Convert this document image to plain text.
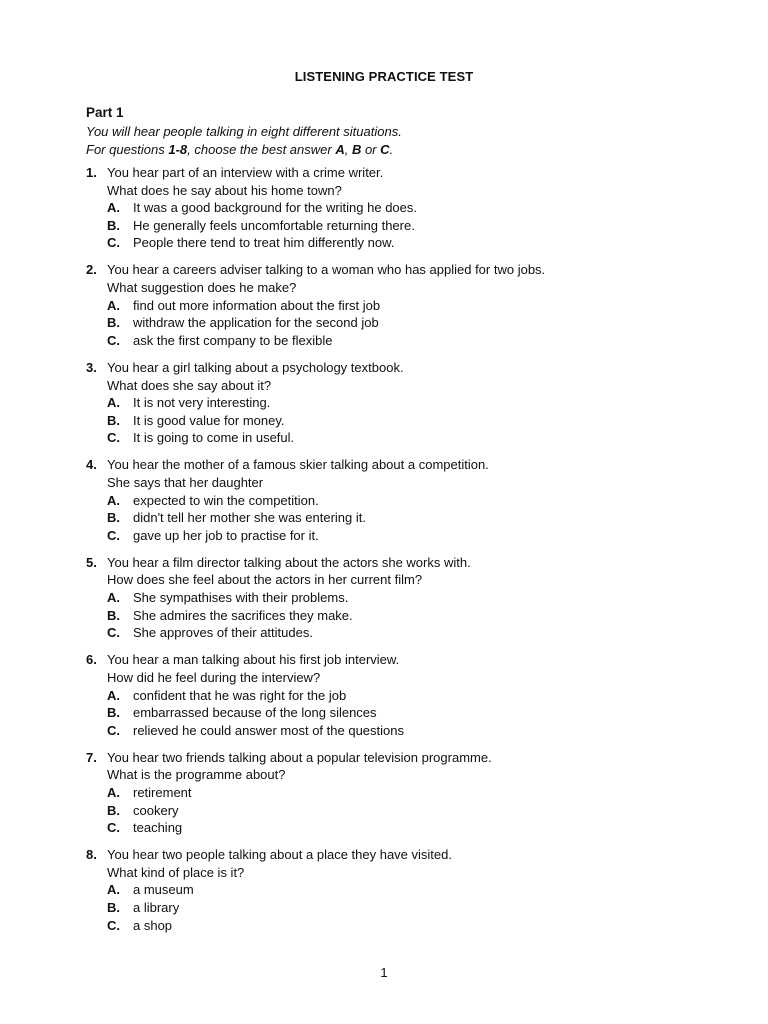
LISTENING PRACTICE TEST
Part 1
You will hear people talking in eight different situations.
For questions 1-8, choose the best answer A, B or C.
1. You hear part of an interview with a crime writer.
What does he say about his home town?
A.	It was a good background for the writing he does.
B.	He generally feels uncomfortable returning there.
C.	People there tend to treat him differently now.
2. You hear a careers adviser talking to a woman who has applied for two jobs.
What suggestion does he make?
A.	find out more information about the first job
B.	withdraw the application for the second job
C.	ask the first company to be flexible
3. You hear a girl talking about a psychology textbook.
What does she say about it?
A.	It is not very interesting.
B.	It is good value for money.
C.	It is going to come in useful.
4. You hear the mother of a famous skier talking about a competition.
She says that her daughter
A.	expected to win the competition.
B.	didn't tell her mother she was entering it.
C.	gave up her job to practise for it.
5. You hear a film director talking about the actors she works with.
How does she feel about the actors in her current film?
A.	She sympathises with their problems.
B.	She admires the sacrifices they make.
C.	She approves of their attitudes.
6. You hear a man talking about his first job interview.
How did he feel during the interview?
A.	confident that he was right for the job
B.	embarrassed because of the long silences
C.	relieved he could answer most of the questions
7. You hear two friends talking about a popular television programme.
What is the programme about?
A.	retirement
B.	cookery
C.	teaching
8. You hear two people talking about a place they have visited.
What kind of place is it?
A.	a museum
B.	a library
C.	a shop
1
